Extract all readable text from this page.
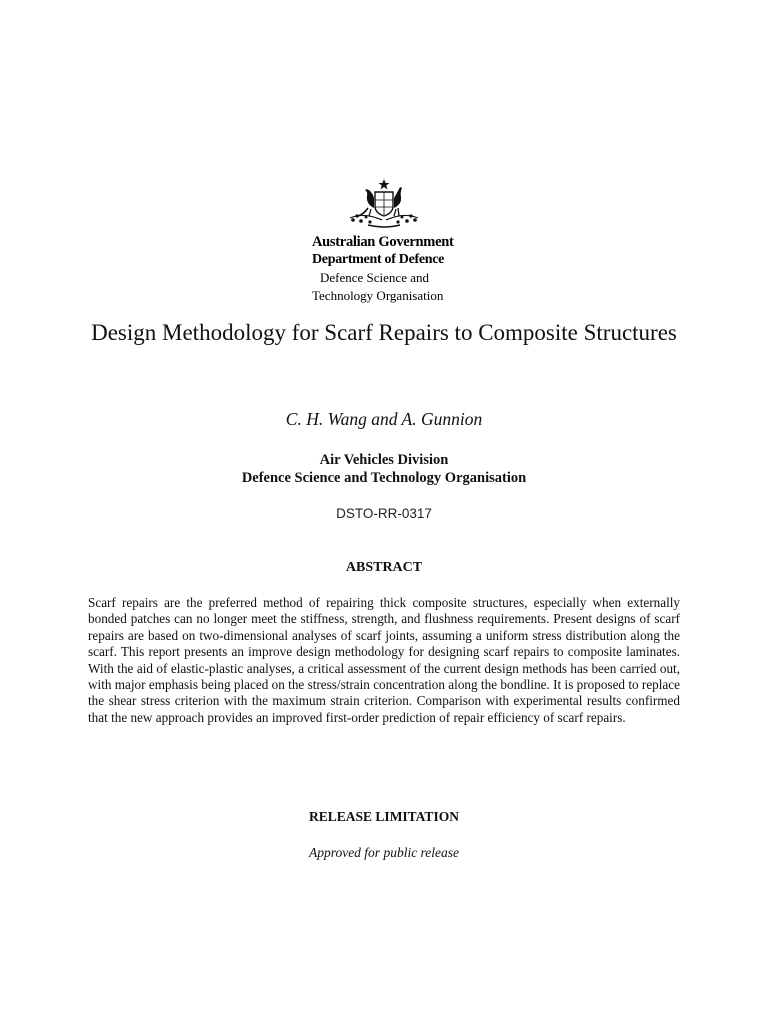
Australian Government
Department of Defence
Defence Science and
Technology Organisation
Design Methodology for Scarf Repairs to Composite Structures
C. H. Wang and A. Gunnion
Air Vehicles Division
Defence Science and Technology Organisation
DSTO-RR-0317
ABSTRACT
Scarf repairs are the preferred method of repairing thick composite structures, especially when externally bonded patches can no longer meet the stiffness, strength, and flushness requirements. Present designs of scarf repairs are based on two-dimensional analyses of scarf joints, assuming a uniform stress distribution along the scarf. This report presents an improve design methodology for designing scarf repairs to composite laminates. With the aid of elastic-plastic analyses, a critical assessment of the current design methods has been carried out, with major emphasis being placed on the stress/strain concentration along the bondline. It is proposed to replace the shear stress criterion with the maximum strain criterion. Comparison with experimental results confirmed that the new approach provides an improved first-order prediction of repair efficiency of scarf repairs.
RELEASE LIMITATION
Approved for public release
